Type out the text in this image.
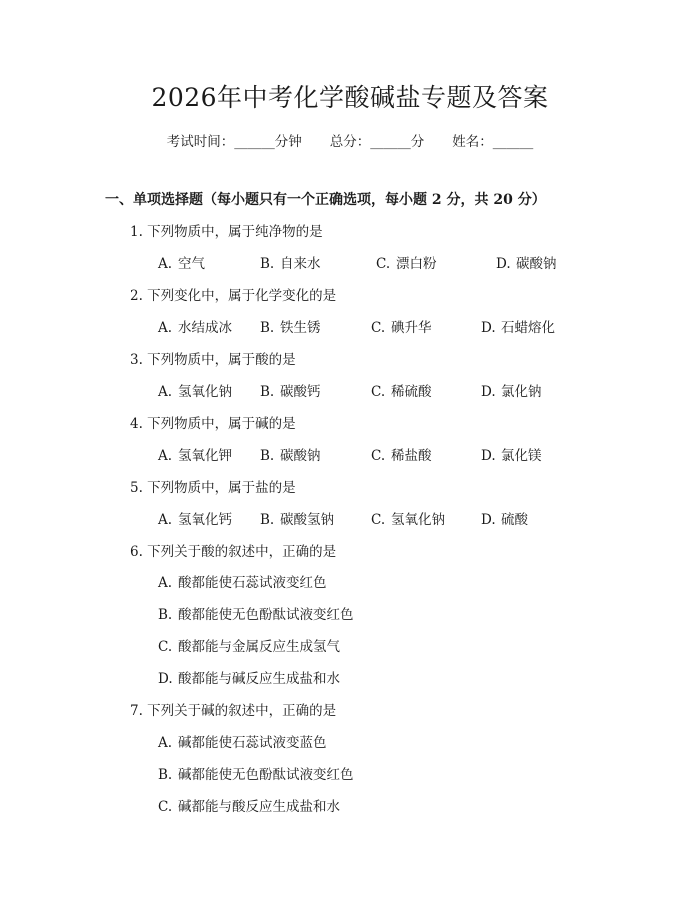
2026年中考化学酸碱盐专题及答案
考试时间：______分钟 总分：______分 姓名：______
一、单项选择题（每小题只有一个正确选项，每小题 2 分，共 20 分）
1. 下列物质中，属于纯净物的是
A. 空气	B. 自来水	C. 漂白粉	D. 碳酸钠
2. 下列变化中，属于化学变化的是
A. 水结成冰 B. 铁生锈	C. 碘升华	D. 石蜡熔化
3. 下列物质中，属于酸的是
A. 氢氧化钠 B. 碳酸钙	C. 稀硫酸	D. 氯化钠
4. 下列物质中，属于碱的是
A. 氢氧化钾 B. 碳酸钠	C. 稀盐酸	D. 氯化镁
5. 下列物质中，属于盐的是
A. 氢氧化钙 B. 碳酸氢钠	C. 氢氧化钠	D. 硫酸
6. 下列关于酸的叙述中，正确的是
A. 酸都能使石蕊试液变红色
B. 酸都能使无色酚酞试液变红色
C. 酸都能与金属反应生成氢气
D. 酸都能与碱反应生成盐和水
7. 下列关于碱的叙述中，正确的是
A. 碱都能使石蕊试液变蓝色
B. 碱都能使无色酚酞试液变红色
C. 碱都能与酸反应生成盐和水
